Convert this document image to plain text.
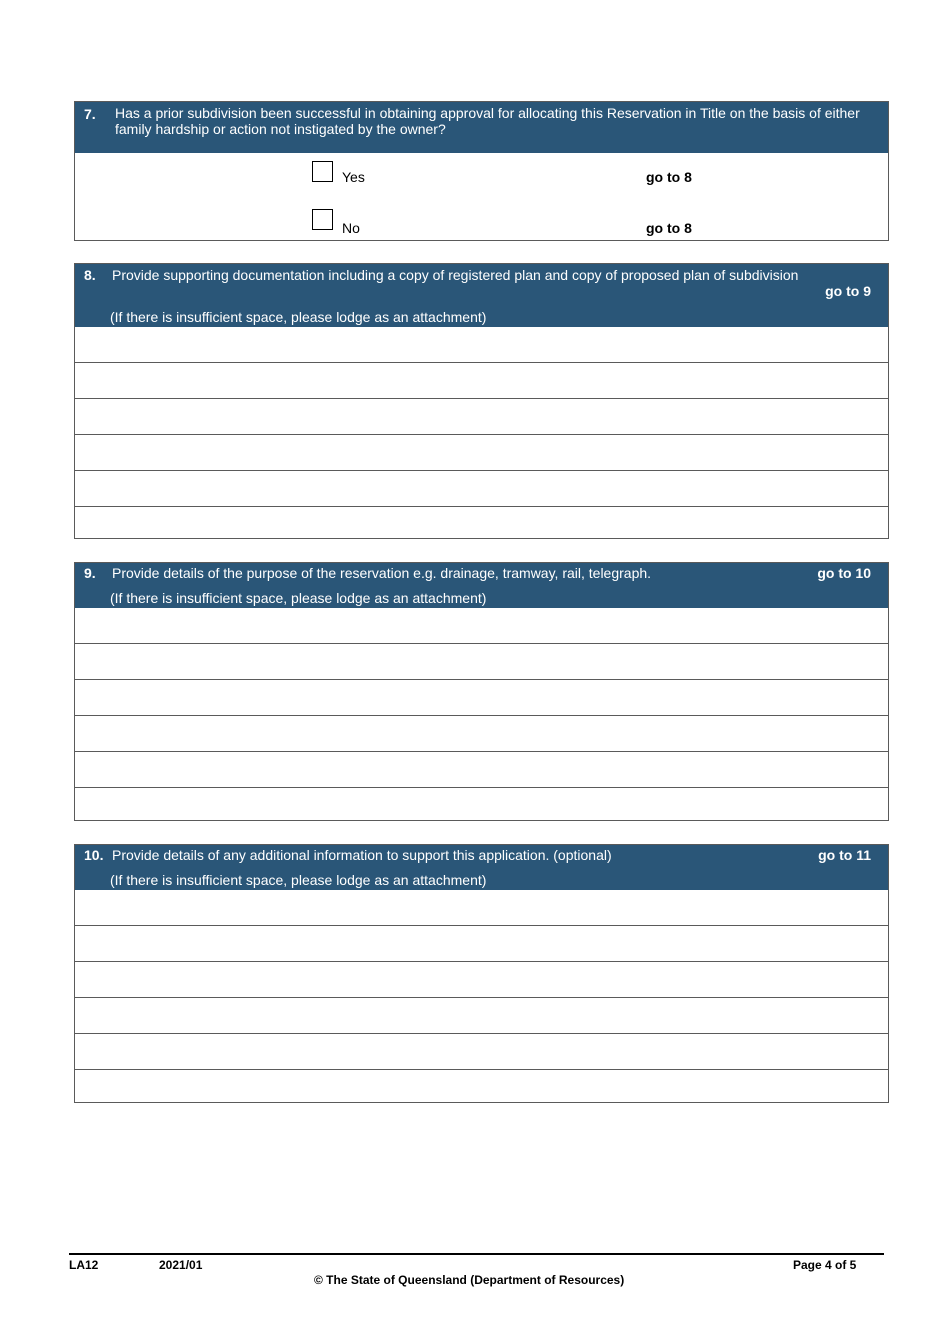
7. Has a prior subdivision been successful in obtaining approval for allocating this Reservation in Title on the basis of either
family hardship or action not instigated by the owner?
Yes	go to 8
No	go to 8
8. Provide supporting documentation including a copy of registered plan and copy of proposed plan of subdivision
go to 9
(If there is insufficient space, please lodge as an attachment)
9. Provide details of the purpose of the reservation e.g. drainage, tramway, rail, telegraph.	go to 10
(If there is insufficient space, please lodge as an attachment)
10. Provide details of any additional information to support this application. (optional)	go to 11
(If there is insufficient space, please lodge as an attachment)
LA12	2021/01	Page 4 of 5
© The State of Queensland (Department of Resources)
